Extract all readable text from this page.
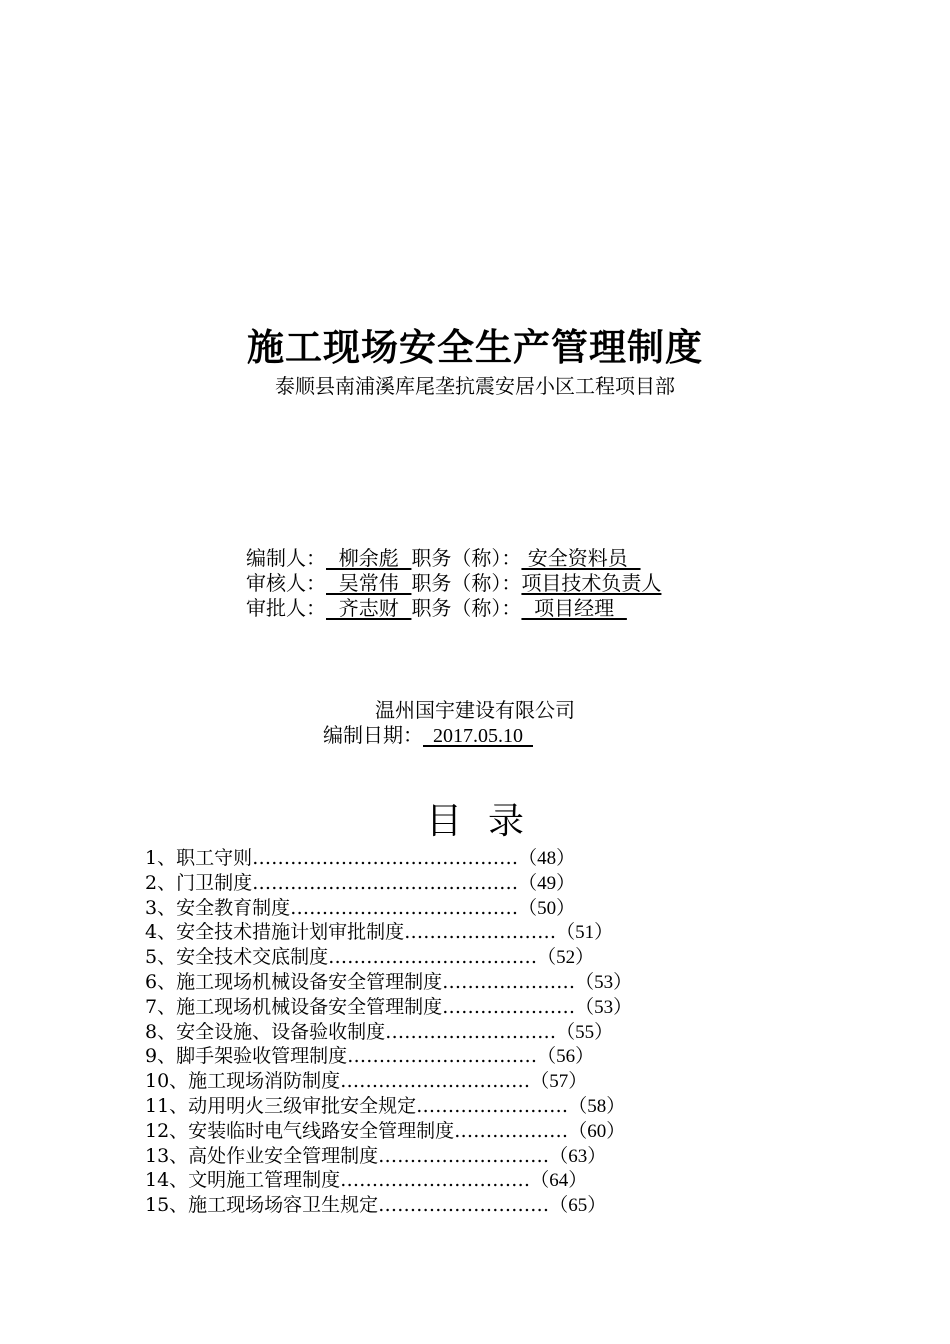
施工现场安全生产管理制度
泰顺县南浦溪库尾垄抗震安居小区工程项目部
编制人：  柳余彪  职务（称）： 安全资料员
审核人：  吴常伟  职务（称）：项目技术负责人
审批人：  齐志财  职务（称）：  项目经理
温州国宇建设有限公司
编制日期：  2017.05.10
目录
1、职工守则……………………………………（48）
2、门卫制度……………………………………（49）
3、安全教育制度………………………………（50）
4、安全技术措施计划审批制度……………………（51）
5、安全技术交底制度……………………………（52）
6、施工现场机械设备安全管理制度…………………（53）
7、施工现场机械设备安全管理制度…………………（53）
8、安全设施、设备验收制度………………………（55）
9、脚手架验收管理制度…………………………（56）
10、施工现场消防制度…………………………（57）
11、动用明火三级审批安全规定……………………（58）
12、安装临时电气线路安全管理制度………………（60）
13、高处作业安全管理制度………………………（63）
14、文明施工管理制度…………………………（64）
15、施工现场场容卫生规定………………………（65）
